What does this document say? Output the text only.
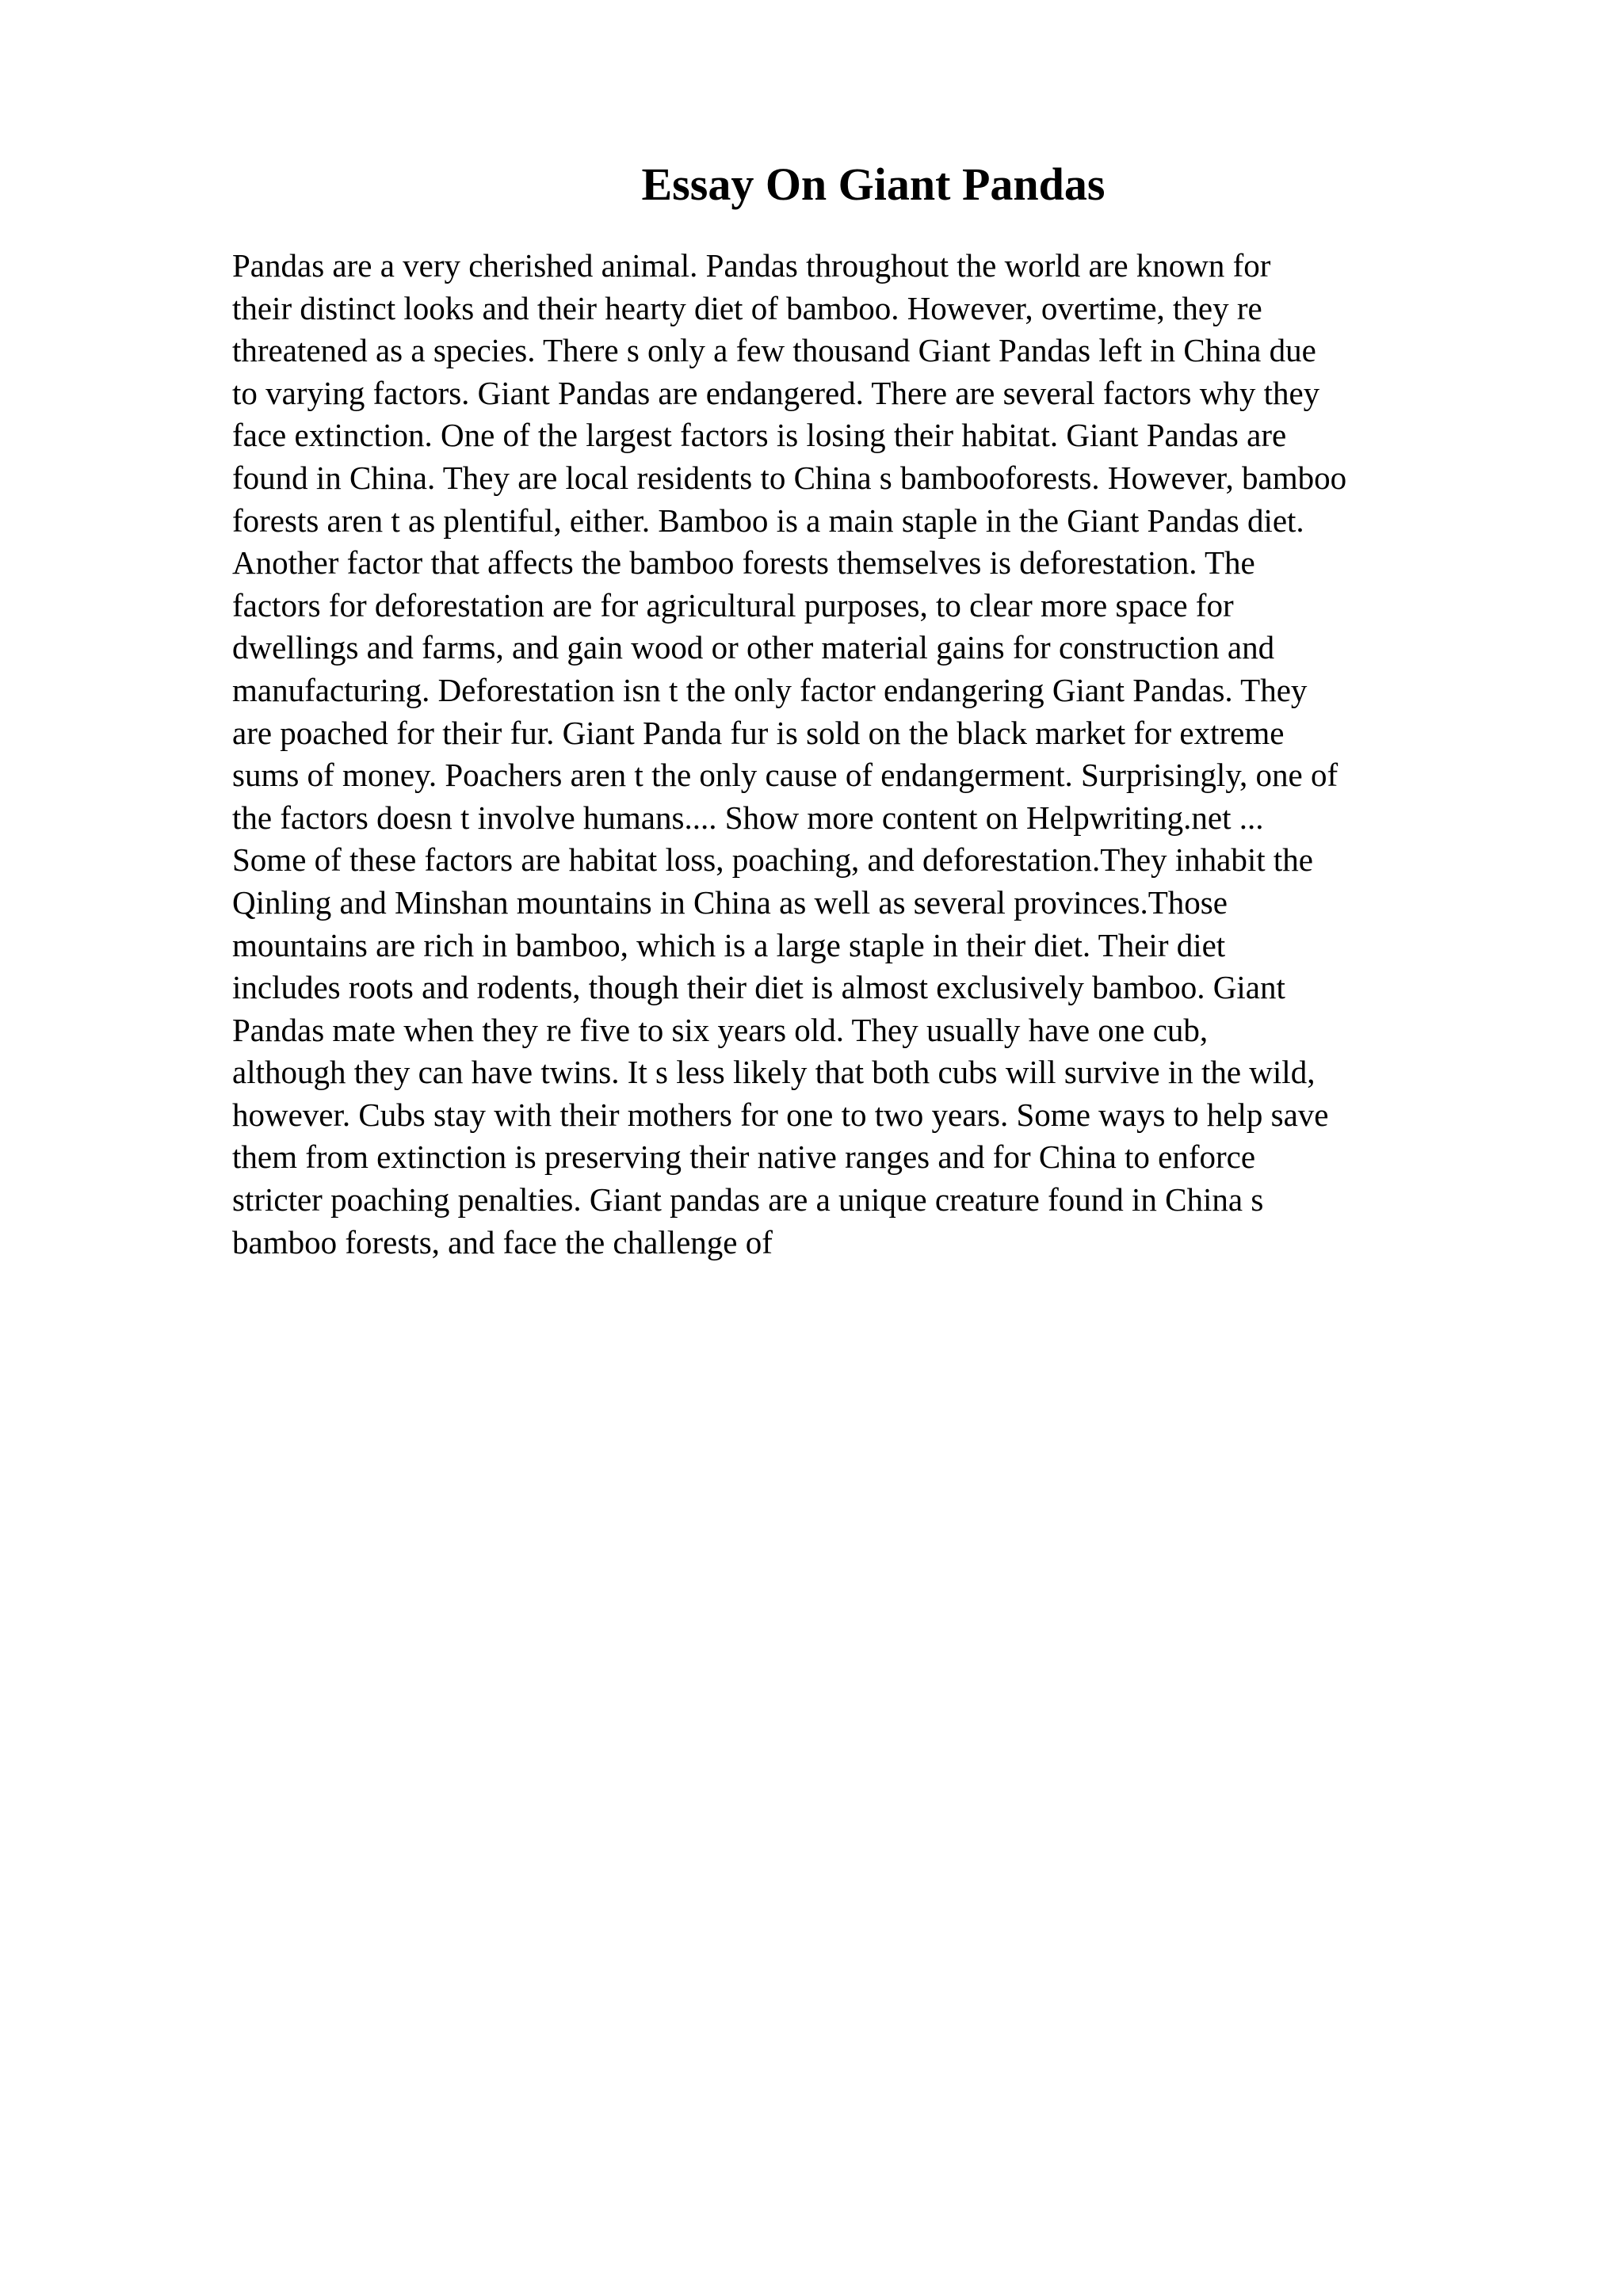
Essay On Giant Pandas
Pandas are a very cherished animal. Pandas throughout the world are known for
their distinct looks and their hearty diet of bamboo. However, overtime, they re
threatened as a species. There s only a few thousand Giant Pandas left in China due
to varying factors. Giant Pandas are endangered. There are several factors why they
face extinction. One of the largest factors is losing their habitat. Giant Pandas are
found in China. They are local residents to China s bambooforests. However, bamboo
forests aren t as plentiful, either. Bamboo is a main staple in the Giant Pandas diet.
Another factor that affects the bamboo forests themselves is deforestation. The
factors for deforestation are for agricultural purposes, to clear more space for
dwellings and farms, and gain wood or other material gains for construction and
manufacturing. Deforestation isn t the only factor endangering Giant Pandas. They
are poached for their fur. Giant Panda fur is sold on the black market for extreme
sums of money. Poachers aren t the only cause of endangerment. Surprisingly, one of
the factors doesn t involve humans.... Show more content on Helpwriting.net ...
Some of these factors are habitat loss, poaching, and deforestation.They inhabit the
Qinling and Minshan mountains in China as well as several provinces.Those
mountains are rich in bamboo, which is a large staple in their diet. Their diet
includes roots and rodents, though their diet is almost exclusively bamboo. Giant
Pandas mate when they re five to six years old. They usually have one cub,
although they can have twins. It s less likely that both cubs will survive in the wild,
however. Cubs stay with their mothers for one to two years. Some ways to help save
them from extinction is preserving their native ranges and for China to enforce
stricter poaching penalties. Giant pandas are a unique creature found in China s
bamboo forests, and face the challenge of
